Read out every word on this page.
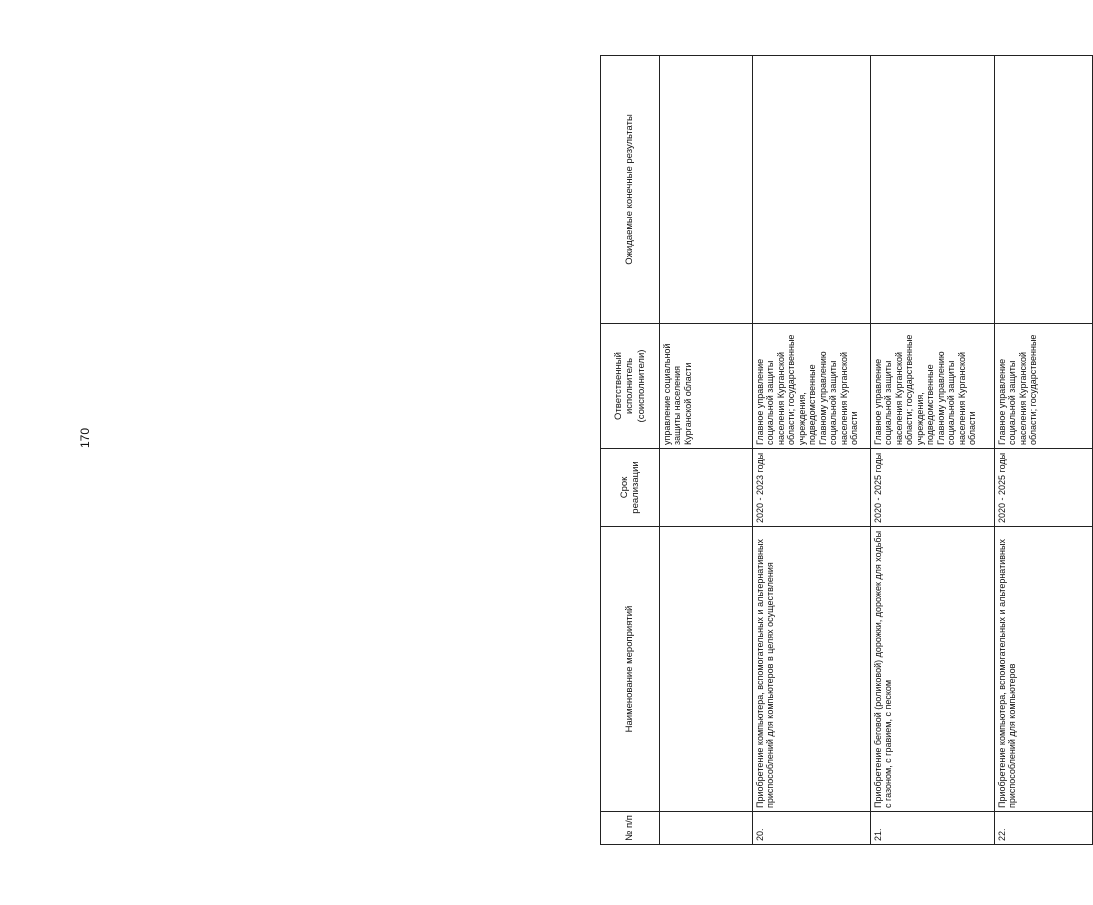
170
№ п/п	Наименование мероприятий	Срок реализации	Ответственный исполнитель (соисполнители)	Ожидаемые конечные результаты
			управление социальной защиты населения Курганской области	
20.	Приобретение компьютера, вспомогательных и альтернативных приспособлений для компьютеров в целях осуществления	2020 - 2023 годы	Главное управление социальной защиты населения Курганской области; государственные учреждения, подведомственные Главному управлению социальной защиты населения Курганской области	
21.	Приобретение беговой (роликовой) дорожки, дорожек для ходьбы с газоном, с гравием, с песком	2020 - 2025 годы	Главное управление социальной защиты населения Курганской области; государственные учреждения, подведомственные Главному управлению социальной защиты населения Курганской области	
22.	Приобретение компьютера, вспомогательных и альтернативных приспособлений для компьютеров	2020 - 2025 годы	Главное управление социальной защиты населения Курганской области; государственные	
